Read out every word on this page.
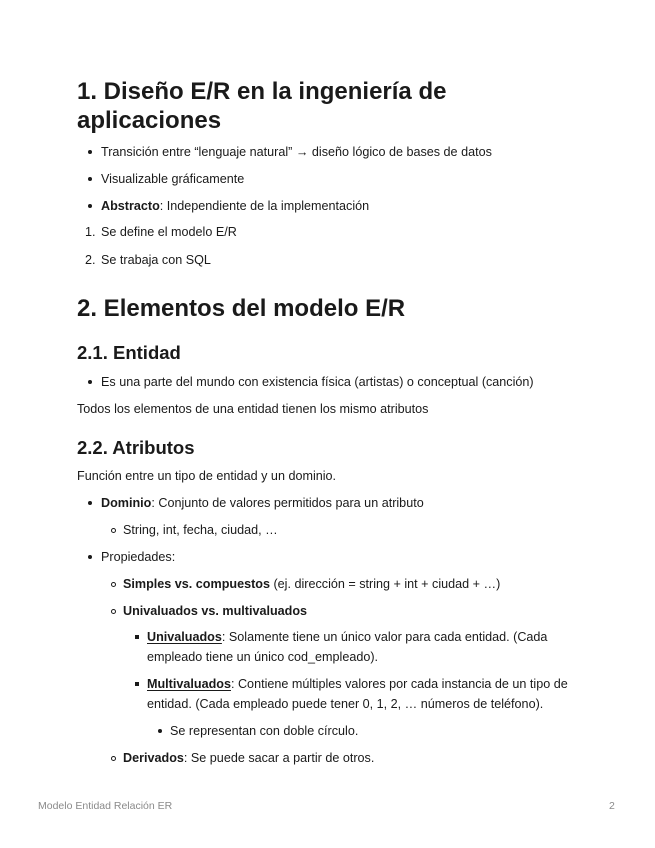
1. Diseño E/R en la ingeniería de
aplicaciones

Transición entre “lenguaje natural” → diseño lógico de bases de datos

Visualizable gráficamente

Abstracto: Independiente de la implementación

1. Se define el modelo E/R

2. Se trabaja con SQL

2. Elementos del modelo E/R
2.1. Entidad

Es una parte del mundo con existencia física (artistas) o conceptual (canción)

Todos los elementos de una entidad tienen los mismo atributos

2.2. Atributos

Función entre un tipo de entidad y un dominio.

Dominio: Conjunto de valores permitidos para un atributo

String, int, fecha, ciudad, …

Propiedades:

Simples vs. compuestos (ej. dirección = string + int + ciudad + …)

Univaluados vs. multivaluados

Univaluados: Solamente tiene un único valor para cada entidad. (Cada
empleado tiene un único cod_empleado).

Multivaluados: Contiene múltiples valores por cada instancia de un tipo de
entidad. (Cada empleado puede tener 0, 1, 2, … números de teléfono).

Se representan con doble círculo.

Derivados: Se puede sacar a partir de otros.

Modelo Entidad Relación ER	2
